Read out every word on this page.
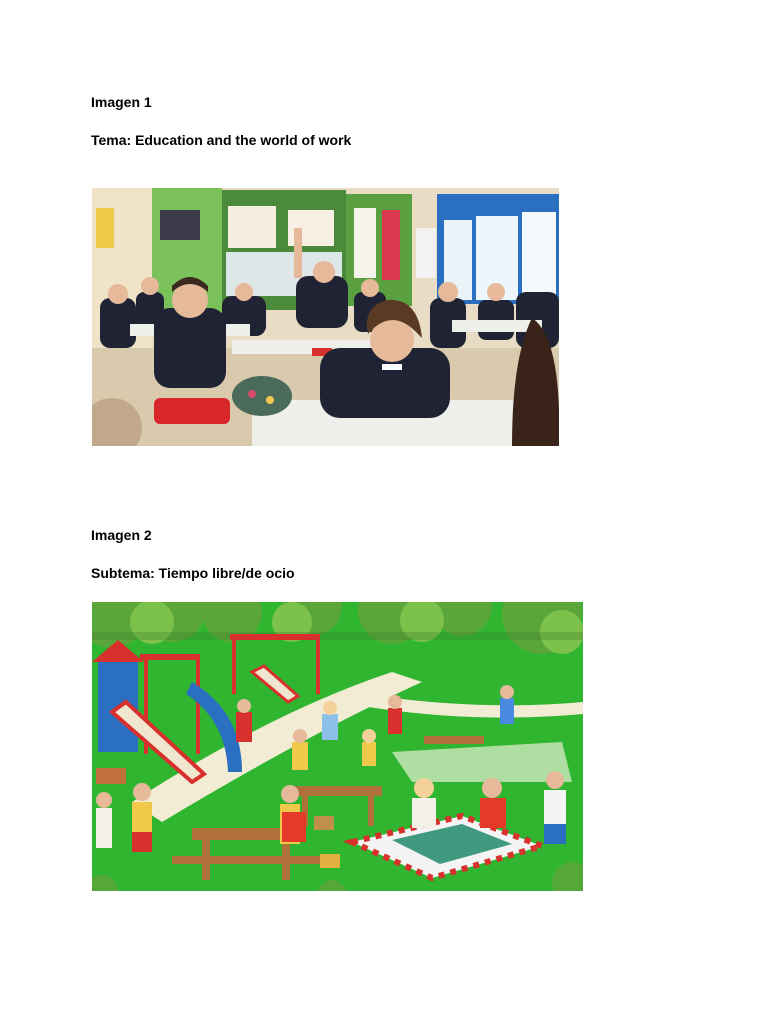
Imagen 1
Tema: Education and the world of work
Imagen 2
Subtema: Tiempo libre/de ocio
